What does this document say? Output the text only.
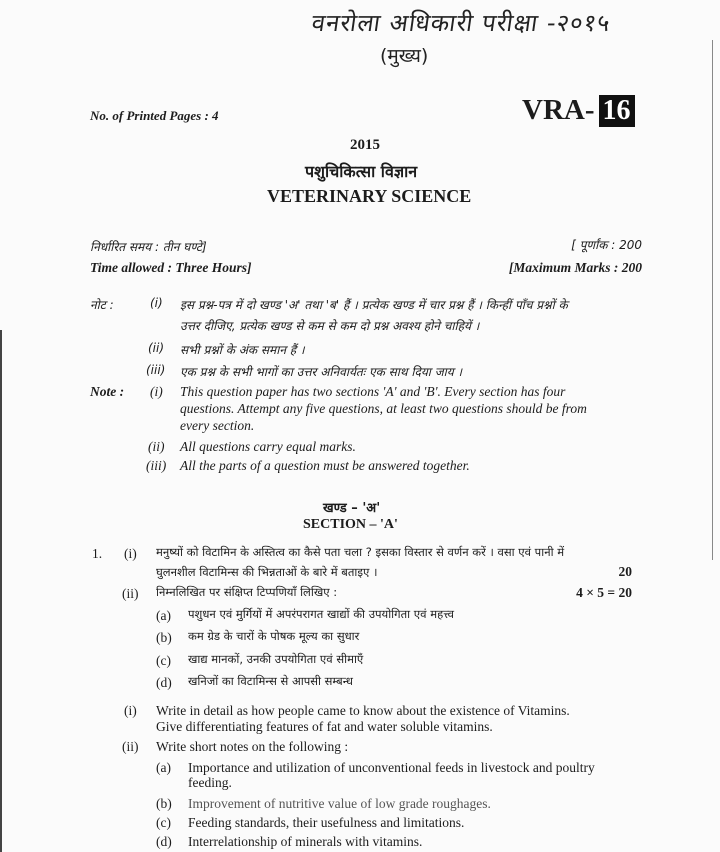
वनरोला अधिकारी परीक्षा -२०१५
(मुख्य)
No. of Printed Pages : 4	VRA- 16
2015
पशुचिकित्सा विज्ञान
VETERINARY SCIENCE
निर्धारित समय : तीन घण्टे]	[ पूर्णांक : 200
Time allowed : Three Hours]	[Maximum Marks : 200
नोट :	(i) इस प्रश्न-पत्र में दो खण्ड 'अ' तथा 'ब' हैं । प्रत्येक खण्ड में चार प्रश्न हैं । किन्हीं पाँच प्रश्नों के
उत्तर दीजिए, प्रत्येक खण्ड से कम से कम दो प्रश्न अवश्य होने चाहियें ।
(ii) सभी प्रश्नों के अंक समान हैं ।
(iii) एक प्रश्न के सभी भागों का उत्तर अनिवार्यतः एक साथ दिया जाय ।
Note : (i) This question paper has two sections 'A' and 'B'. Every section has four
questions. Attempt any five questions, at least two questions should be from
every section.
(ii) All questions carry equal marks.
(iii) All the parts of a question must be answered together.
खण्ड – 'अ'
SECTION – 'A'
1. (i) मनुष्यों को विटामिन के अस्तित्व का कैसे पता चला ? इसका विस्तार से वर्णन करें । वसा एवं पानी में
घुलनशील विटामिन्स की भिन्नताओं के बारे में बताइए ।	20
(ii) निम्नलिखित पर संक्षिप्त टिप्पणियाँ लिखिए :	4 × 5 = 20
(a) पशुधन एवं मुर्गियों में अपरंपरागत खाद्यों की उपयोगिता एवं महत्त्व
(b) कम ग्रेड के चारों के पोषक मूल्य का सुधार
(c) खाद्य मानकों, उनकी उपयोगिता एवं सीमाएँ
(d) खनिजों का विटामिन्स से आपसी सम्बन्ध
(i) Write in detail as how people came to know about the existence of Vitamins.
Give differentiating features of fat and water soluble vitamins.
(ii) Write short notes on the following :
(a) Importance and utilization of unconventional feeds in livestock and poultry
feeding.
(b) Improvement of nutritive value of low grade roughages.
(c) Feeding standards, their usefulness and limitations.
(d) Interrelationship of minerals with vitamins.
